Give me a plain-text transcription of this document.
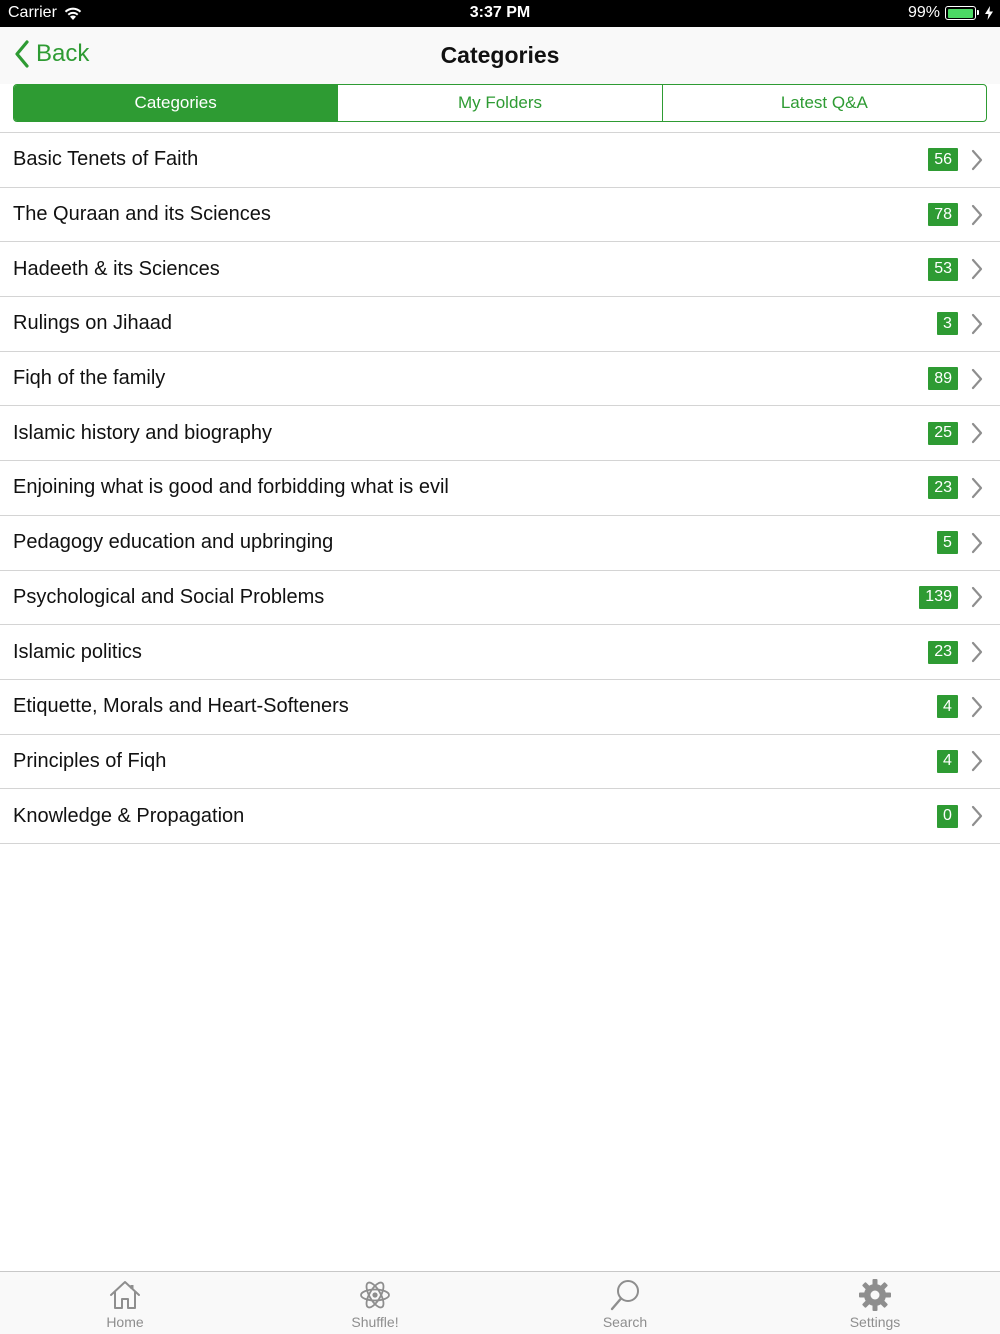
Carrier	3:37 PM	99%
Back	Categories
Categories	My Folders	Latest Q&A
Basic Tenets of Faith	56
The Quraan and its Sciences	78
Hadeeth & its Sciences	53
Rulings on Jihaad	3
Fiqh of the family	89
Islamic history and biography	25
Enjoining what is good and forbidding what is evil	23
Pedagogy education and upbringing	5
Psychological and Social Problems	139
Islamic politics	23
Etiquette, Morals and Heart-Softeners	4
Principles of Fiqh	4
Knowledge & Propagation	0
Home	Shuffle!	Search	Settings
